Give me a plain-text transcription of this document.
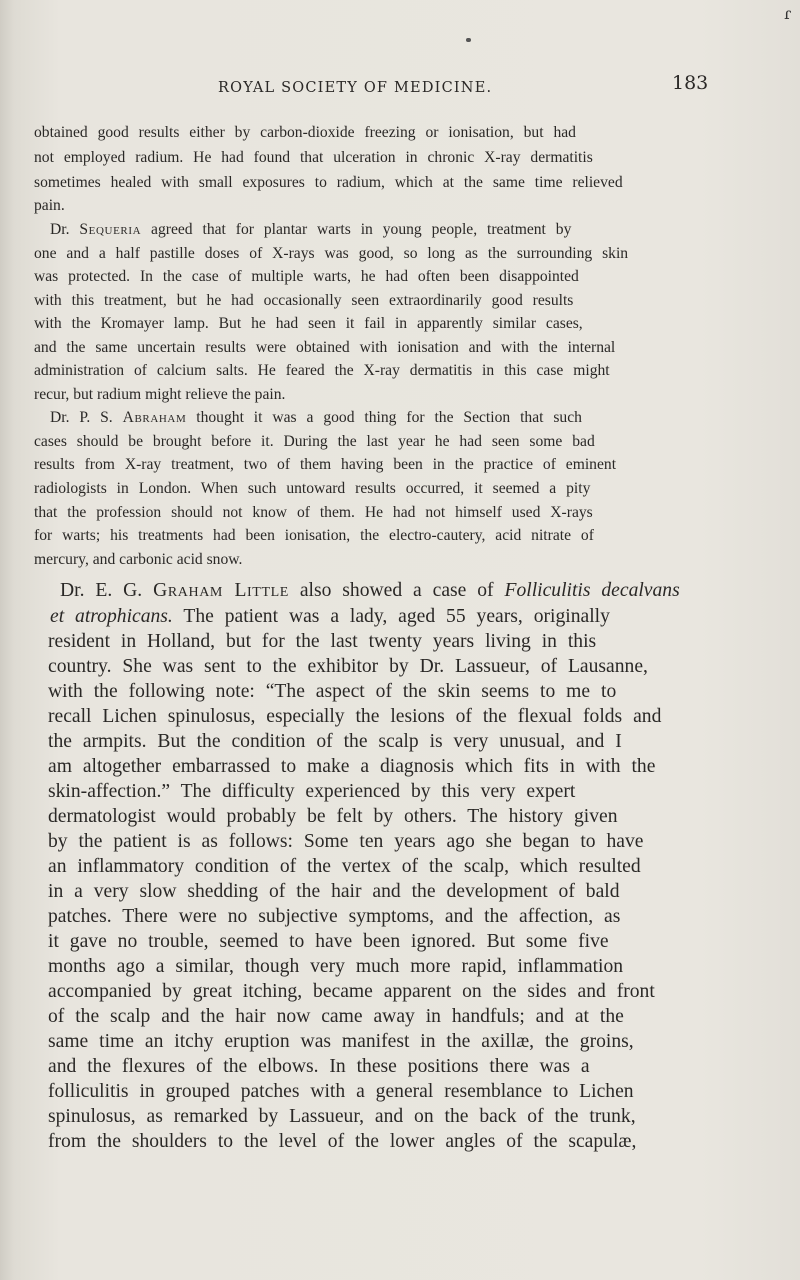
ɾ
ROYAL SOCIETY OF MEDICINE.	183
obtained good results either by carbon-dioxide freezing or ionisation, but had
not employed radium. He had found that ulceration in chronic X-ray dermatitis
sometimes healed with small exposures to radium, which at the same time relieved
pain.
Dr. Sequeria agreed that for plantar warts in young people, treatment by
one and a half pastille doses of X-rays was good, so long as the surrounding skin
was protected. In the case of multiple warts, he had often been disappointed
with this treatment, but he had occasionally seen extraordinarily good results
with the Kromayer lamp. But he had seen it fail in apparently similar cases,
and the same uncertain results were obtained with ionisation and with the internal
administration of calcium salts. He feared the X-ray dermatitis in this case might
recur, but radium might relieve the pain.
Dr. P. S. Abraham thought it was a good thing for the Section that such
cases should be brought before it. During the last year he had seen some bad
results from X-ray treatment, two of them having been in the practice of eminent
radiologists in London. When such untoward results occurred, it seemed a pity
that the profession should not know of them. He had not himself used X-rays
for warts; his treatments had been ionisation, the electro-cautery, acid nitrate of
mercury, and carbonic acid snow.
Dr. E. G. Graham Little also showed a case of Folliculitis decalvans
et atrophicans. The patient was a lady, aged 55 years, originally
resident in Holland, but for the last twenty years living in this
country. She was sent to the exhibitor by Dr. Lassueur, of Lausanne,
with the following note: “The aspect of the skin seems to me to
recall Lichen spinulosus, especially the lesions of the flexual folds and
the armpits. But the condition of the scalp is very unusual, and I
am altogether embarrassed to make a diagnosis which fits in with the
skin-affection.” The difficulty experienced by this very expert
dermatologist would probably be felt by others. The history given
by the patient is as follows: Some ten years ago she began to have
an inflammatory condition of the vertex of the scalp, which resulted
in a very slow shedding of the hair and the development of bald
patches. There were no subjective symptoms, and the affection, as
it gave no trouble, seemed to have been ignored. But some five
months ago a similar, though very much more rapid, inflammation
accompanied by great itching, became apparent on the sides and front
of the scalp and the hair now came away in handfuls; and at the
same time an itchy eruption was manifest in the axillæ, the groins,
and the flexures of the elbows. In these positions there was a
folliculitis in grouped patches with a general resemblance to Lichen
spinulosus, as remarked by Lassueur, and on the back of the trunk,
from the shoulders to the level of the lower angles of the scapulæ,
